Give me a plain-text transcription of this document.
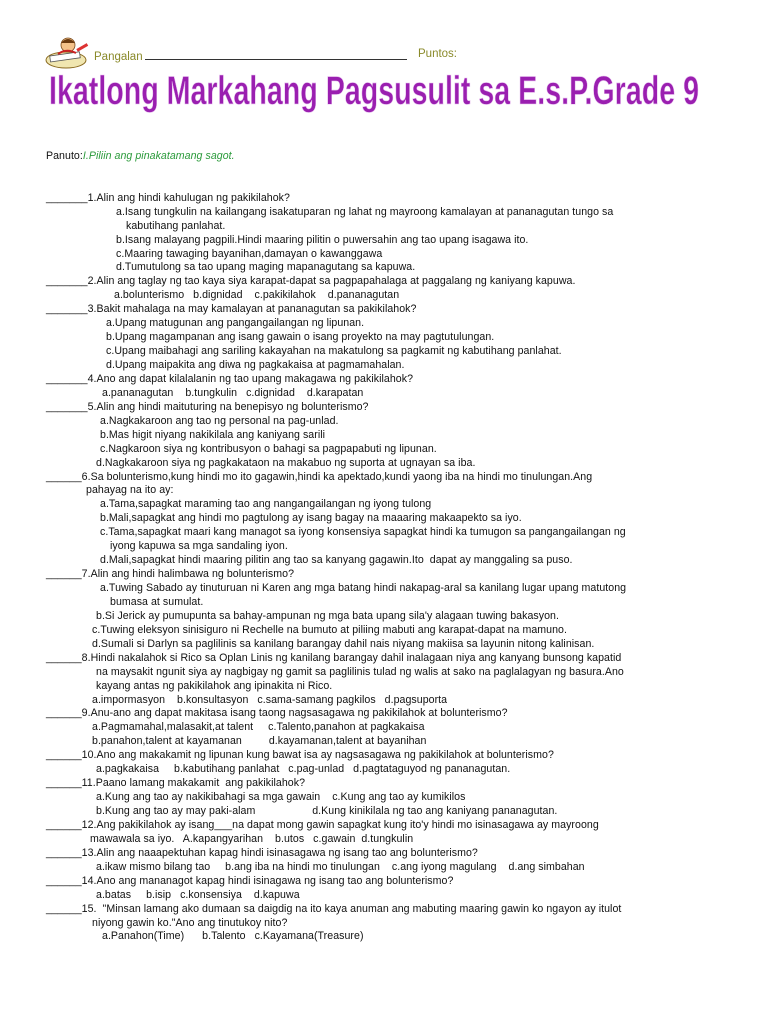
Pangalan	Puntos:
Ikatlong Markahang Pagsusulit sa E.s.P.Grade 9

Panuto:I.Piliin ang pinakatamang sagot.

_______1.Alin ang hindi kahulugan ng pakikilahok?
a.Isang tungkulin na kailangang isakatuparan ng lahat ng mayroong kamalayan at pananagutan tungo sa
kabutihang panlahat.
b.Isang malayang pagpili.Hindi maaring pilitin o puwersahin ang tao upang isagawa ito.
c.Maaring tawaging bayanihan,damayan o kawanggawa
d.Tumutulong sa tao upang maging mapanagutang sa kapuwa.
_______2.Alin ang taglay ng tao kaya siya karapat-dapat sa pagpapahalaga at paggalang ng kaniyang kapuwa.
a.bolunterismo   b.dignidad    c.pakikilahok    d.pananagutan
_______3.Bakit mahalaga na may kamalayan at pananagutan sa pakikilahok?
a.Upang matugunan ang pangangailangan ng lipunan.
b.Upang magampanan ang isang gawain o isang proyekto na may pagtutulungan.
c.Upang maibahagi ang sariling kakayahan na makatulong sa pagkamit ng kabutihang panlahat.
d.Upang maipakita ang diwa ng pagkakaisa at pagmamahalan.
_______4.Ano ang dapat kilalalanin ng tao upang makagawa ng pakikilahok?
a.pananagutan    b.tungkulin   c.dignidad    d.karapatan
_______5.Alin ang hindi maituturing na benepisyo ng bolunterismo?
a.Nagkakaroon ang tao ng personal na pag-unlad.
b.Mas higit niyang nakikilala ang kaniyang sarili
c.Nagkaroon siya ng kontribusyon o bahagi sa pagpapabuti ng lipunan.
d.Nagkakaroon siya ng pagkakataon na makabuo ng suporta at ugnayan sa iba.
______6.Sa bolunterismo,kung hindi mo ito gagawin,hindi ka apektado,kundi yaong iba na hindi mo tinulungan.Ang
pahayag na ito ay:
a.Tama,sapagkat maraming tao ang nangangailangan ng iyong tulong
b.Mali,sapagkat ang hindi mo pagtulong ay isang bagay na maaaring makaapekto sa iyo.
c.Tama,sapagkat maari kang managot sa iyong konsensiya sapagkat hindi ka tumugon sa pangangailangan ng
iyong kapuwa sa mga sandaling iyon.
d.Mali,sapagkat hindi maaring pilitin ang tao sa kanyang gagawin.Ito  dapat ay manggaling sa puso.
______7.Alin ang hindi halimbawa ng bolunterismo?
a.Tuwing Sabado ay tinuturuan ni Karen ang mga batang hindi nakapag-aral sa kanilang lugar upang matutong
bumasa at sumulat.
b.Si Jerick ay pumupunta sa bahay-ampunan ng mga bata upang sila'y alagaan tuwing bakasyon.
c.Tuwing eleksyon sinisiguro ni Rechelle na bumuto at piliing mabuti ang karapat-dapat na mamuno.
d.Sumali si Darlyn sa paglilinis sa kanilang barangay dahil nais niyang makiisa sa layunin nitong kalinisan.
______8.Hindi nakalahok si Rico sa Oplan Linis ng kanilang barangay dahil inalagaan niya ang kanyang bunsong kapatid
na maysakit ngunit siya ay nagbigay ng gamit sa paglilinis tulad ng walis at sako na paglalagyan ng basura.Ano
kayang antas ng pakikilahok ang ipinakita ni Rico.
a.impormasyon    b.konsultasyon   c.sama-samang pagkilos   d.pagsuporta
______9.Anu-ano ang dapat makitasa isang taong nagsasagawa ng pakikilahok at bolunterismo?
a.Pagmamahal,malasakit,at talent     c.Talento,panahon at pagkakaisa
b.panahon,talent at kayamanan         d.kayamanan,talent at bayanihan
______10.Ano ang makakamit ng lipunan kung bawat isa ay nagsasagawa ng pakikilahok at bolunterismo?
a.pagkakaisa     b.kabutihang panlahat   c.pag-unlad   d.pagtataguyod ng pananagutan.
______11.Paano lamang makakamit  ang pakikilahok?
a.Kung ang tao ay nakikibahagi sa mga gawain    c.Kung ang tao ay kumikilos
b.Kung ang tao ay may paki-alam                   d.Kung kinikilala ng tao ang kaniyang pananagutan.
______12.Ang pakikilahok ay isang___na dapat mong gawin sapagkat kung ito'y hindi mo isinasagawa ay mayroong
mawawala sa iyo.   A.kapangyarihan    b.utos   c.gawain  d.tungkulin
______13.Alin ang naaapektuhan kapag hindi isinasagawa ng isang tao ang bolunterismo?
a.ikaw mismo bilang tao     b.ang iba na hindi mo tinulungan    c.ang iyong magulang    d.ang simbahan
______14.Ano ang mananagot kapag hindi isinagawa ng isang tao ang bolunterismo?
a.batas     b.isip   c.konsensiya    d.kapuwa
______15.  "Minsan lamang ako dumaan sa daigdig na ito kaya anuman ang mabuting maaring gawin ko ngayon ay itulot
niyong gawin ko."Ano ang tinutukoy nito?
a.Panahon(Time)      b.Talento   c.Kayamana(Treasure)
